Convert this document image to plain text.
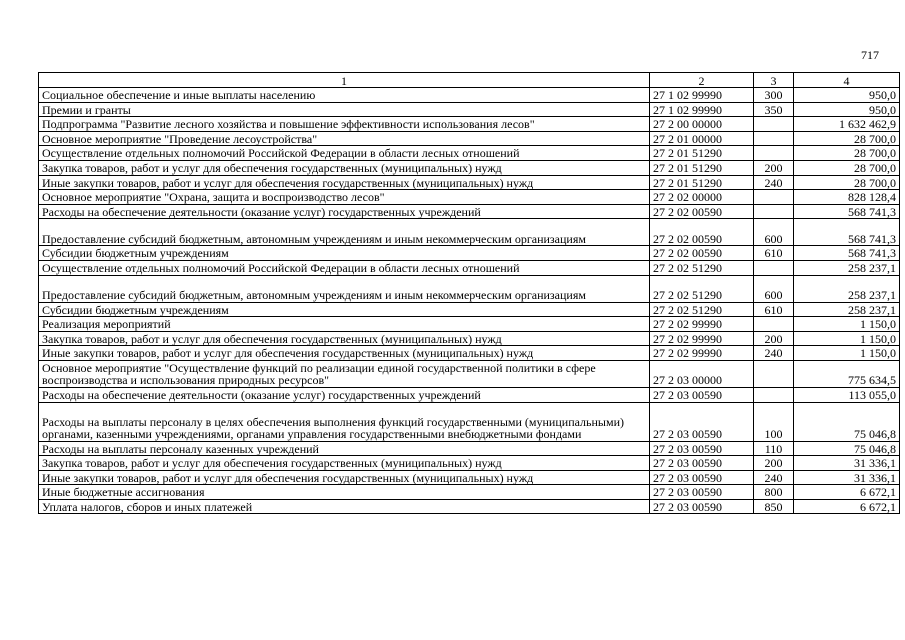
717
1	2	3	4
Социальное обеспечение и иные выплаты населению	27 1 02 99990	300	950,0
Премии и гранты	27 1 02 99990	350	950,0
Подпрограмма "Развитие лесного хозяйства и повышение эффективности использования лесов"	27 2 00 00000		1 632 462,9
Основное мероприятие "Проведение лесоустройства"	27 2 01 00000		28 700,0
Осуществление отдельных полномочий Российской Федерации в области лесных отношений	27 2 01 51290		28 700,0
Закупка товаров, работ и услуг для обеспечения государственных (муниципальных) нужд	27 2 01 51290	200	28 700,0
Иные закупки товаров, работ и услуг для обеспечения государственных (муниципальных) нужд	27 2 01 51290	240	28 700,0
Основное мероприятие "Охрана, защита и воспроизводство лесов"	27 2 02 00000		828 128,4
Расходы на обеспечение деятельности (оказание услуг) государственных учреждений	27 2 02 00590		568 741,3
Предоставление субсидий бюджетным, автономным учреждениям и иным некоммерческим организациям	27 2 02 00590	600	568 741,3
Субсидии бюджетным учреждениям	27 2 02 00590	610	568 741,3
Осуществление отдельных полномочий Российской Федерации в области лесных отношений	27 2 02 51290		258 237,1
Предоставление субсидий бюджетным, автономным учреждениям и иным некоммерческим организациям	27 2 02 51290	600	258 237,1
Субсидии бюджетным учреждениям	27 2 02 51290	610	258 237,1
Реализация мероприятий	27 2 02 99990		1 150,0
Закупка товаров, работ и услуг для обеспечения государственных (муниципальных) нужд	27 2 02 99990	200	1 150,0
Иные закупки товаров, работ и услуг для обеспечения государственных (муниципальных) нужд	27 2 02 99990	240	1 150,0
Основное мероприятие "Осуществление функций по реализации единой государственной политики в сфере воспроизводства и использования природных ресурсов"	27 2 03 00000		775 634,5
Расходы на обеспечение деятельности (оказание услуг) государственных учреждений	27 2 03 00590		113 055,0
Расходы на выплаты персоналу в целях обеспечения выполнения функций государственными (муниципальными) органами, казенными учреждениями, органами управления государственными внебюджетными фондами	27 2 03 00590	100	75 046,8
Расходы на выплаты персоналу казенных учреждений	27 2 03 00590	110	75 046,8
Закупка товаров, работ и услуг для обеспечения государственных (муниципальных) нужд	27 2 03 00590	200	31 336,1
Иные закупки товаров, работ и услуг для обеспечения государственных (муниципальных) нужд	27 2 03 00590	240	31 336,1
Иные бюджетные ассигнования	27 2 03 00590	800	6 672,1
Уплата налогов, сборов и иных платежей	27 2 03 00590	850	6 672,1
